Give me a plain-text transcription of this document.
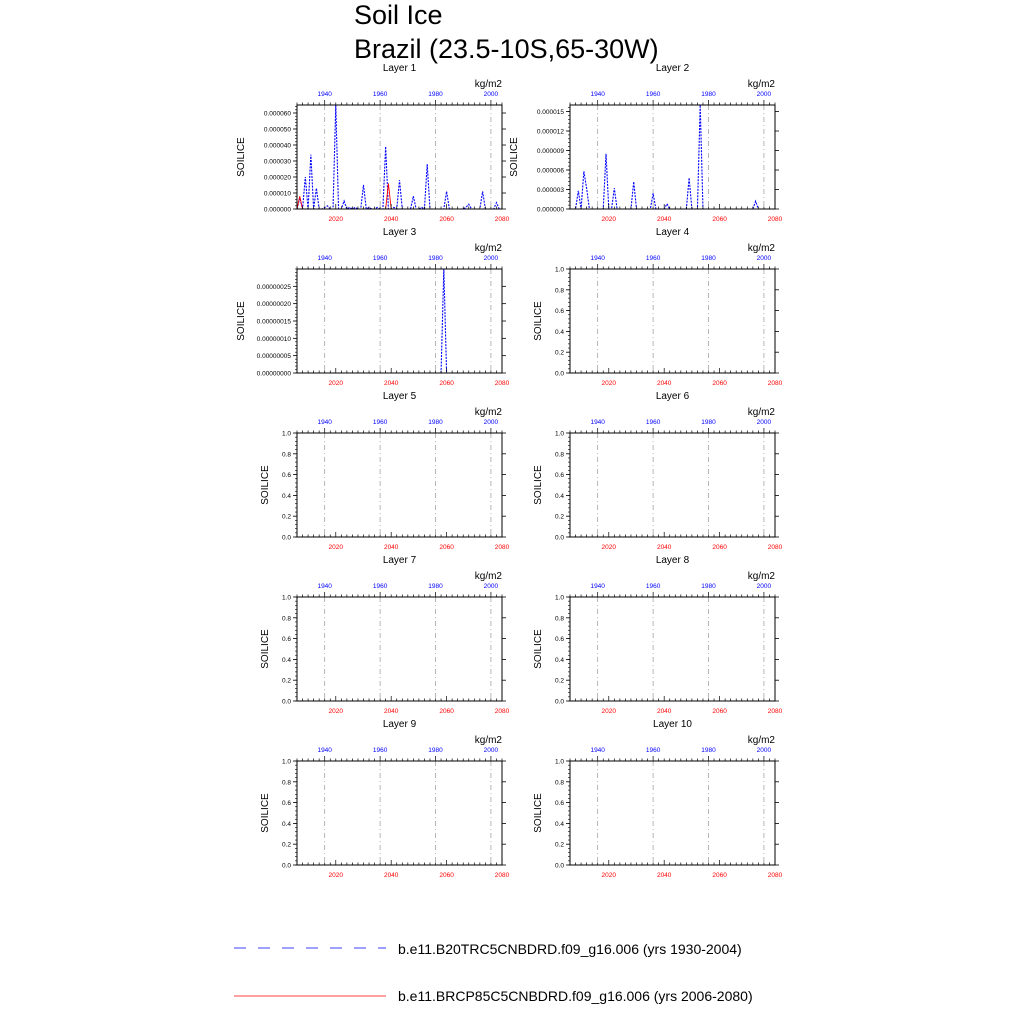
Soil Ice
Brazil (23.5-10S,65-30W)
Layer 1
kg/m2
0.000000
0.000010
0.000020
0.000030
0.000040
0.000050
0.000060
SOILICE
1940	1960	1980	2000
2020	2040	2060	2080
Layer 2
kg/m2
0.000000
0.000003
0.000006
0.000009
0.000012
0.000015
SOILICE
1940	1960	1980	2000
2020	2040	2060	2080
Layer 3
kg/m2
0.00000000
0.00000005
0.00000010
0.00000015
0.00000020
0.00000025
SOILICE
1940	1960	1980	2000
2020	2040	2060	2080
Layer 4
kg/m2
0.0
0.2
0.4
0.6
0.8
1.0
SOILICE
1940	1960	1980	2000
2020	2040	2060	2080
Layer 5
kg/m2
0.0
0.2
0.4
0.6
0.8
1.0
SOILICE
1940	1960	1980	2000
2020	2040	2060	2080
Layer 6
kg/m2
0.0
0.2
0.4
0.6
0.8
1.0
SOILICE
1940	1960	1980	2000
2020	2040	2060	2080
Layer 7
kg/m2
0.0
0.2
0.4
0.6
0.8
1.0
SOILICE
1940	1960	1980	2000
2020	2040	2060	2080
Layer 8
kg/m2
0.0
0.2
0.4
0.6
0.8
1.0
SOILICE
1940	1960	1980	2000
2020	2040	2060	2080
Layer 9
kg/m2
0.0
0.2
0.4
0.6
0.8
1.0
SOILICE
1940	1960	1980	2000
2020	2040	2060	2080
Layer 10
kg/m2
0.0
0.2
0.4
0.6
0.8
1.0
SOILICE
1940	1960	1980	2000
2020	2040	2060	2080
b.e11.B20TRC5CNBDRD.f09_g16.006 (yrs 1930-2004)
b.e11.BRCP85C5CNBDRD.f09_g16.006 (yrs 2006-2080)
